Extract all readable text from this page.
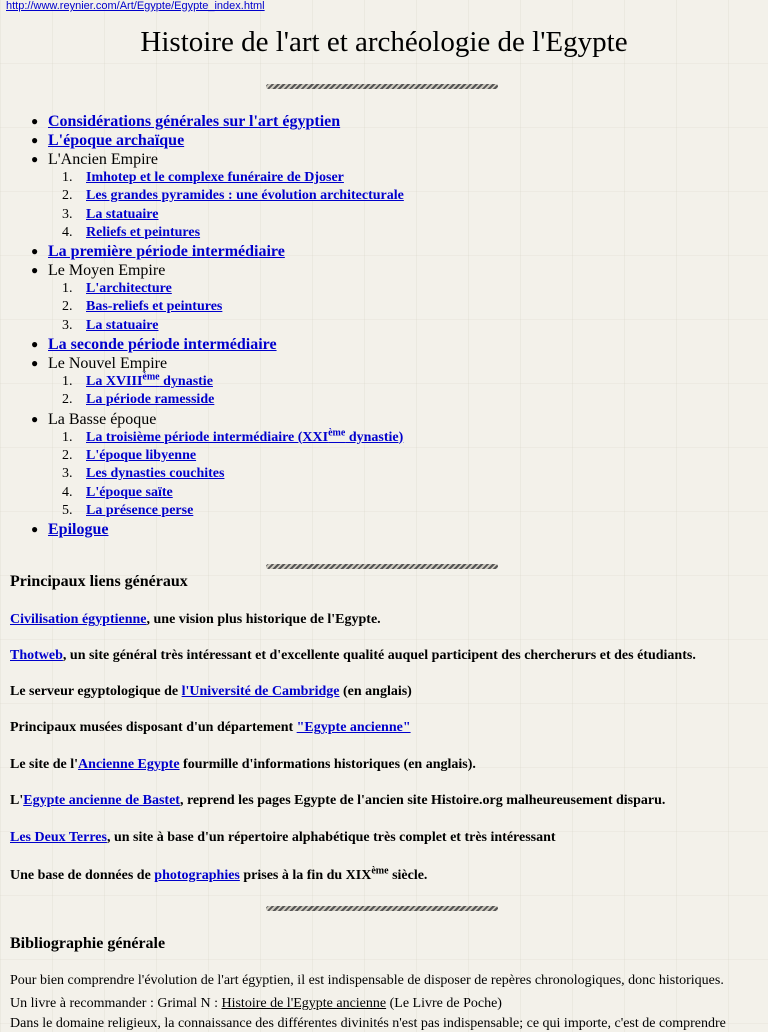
http://www.reynier.com/Art/Egypte/Egypte_index.html
Histoire de l'art et archéologie de l'Egypte
● Considérations générales sur l'art égyptien
● L'époque archaïque
● L'Ancien Empire
1. Imhotep et le complexe funéraire de Djoser
2. Les grandes pyramides : une évolution architecturale
3. La statuaire
4. Reliefs et peintures
● La première période intermédiaire
● Le Moyen Empire
1. L'architecture
2. Bas-reliefs et peintures
3. La statuaire
● La seconde période intermédiaire
● Le Nouvel Empire
1. La XVIIIème dynastie
2. La période ramesside
● La Basse époque
1. La troisième période intermédiaire (XXIème dynastie)
2. L'époque libyenne
3. Les dynasties couchites
4. L'époque saïte
5. La présence perse
● Epilogue
Principaux liens généraux
Civilisation égyptienne, une vision plus historique de l'Egypte.
Thotweb, un site général très intéressant et d'excellente qualité auquel participent des chercherurs et des étudiants.
Le serveur egyptologique de l'Université de Cambridge (en anglais)
Principaux musées disposant d'un département "Egypte ancienne"
Le site de l'Ancienne Egypte fourmille d'informations historiques (en anglais).
L'Egypte ancienne de Bastet, reprend les pages Egypte de l'ancien site Histoire.org malheureusement disparu.
Les Deux Terres, un site à base d'un répertoire alphabétique très complet et très intéressant
Une base de données de photographies prises à la fin du XIXème siècle.
Bibliographie générale
Pour bien comprendre l'évolution de l'art égyptien, il est indispensable de disposer de repères chronologiques, donc historiques.
Un livre à recommander : Grimal N : Histoire de l'Egypte ancienne (Le Livre de Poche)
Dans le domaine religieux, la connaissance des différentes divinités n'est pas indispensable; ce qui importe, c'est de comprendre
